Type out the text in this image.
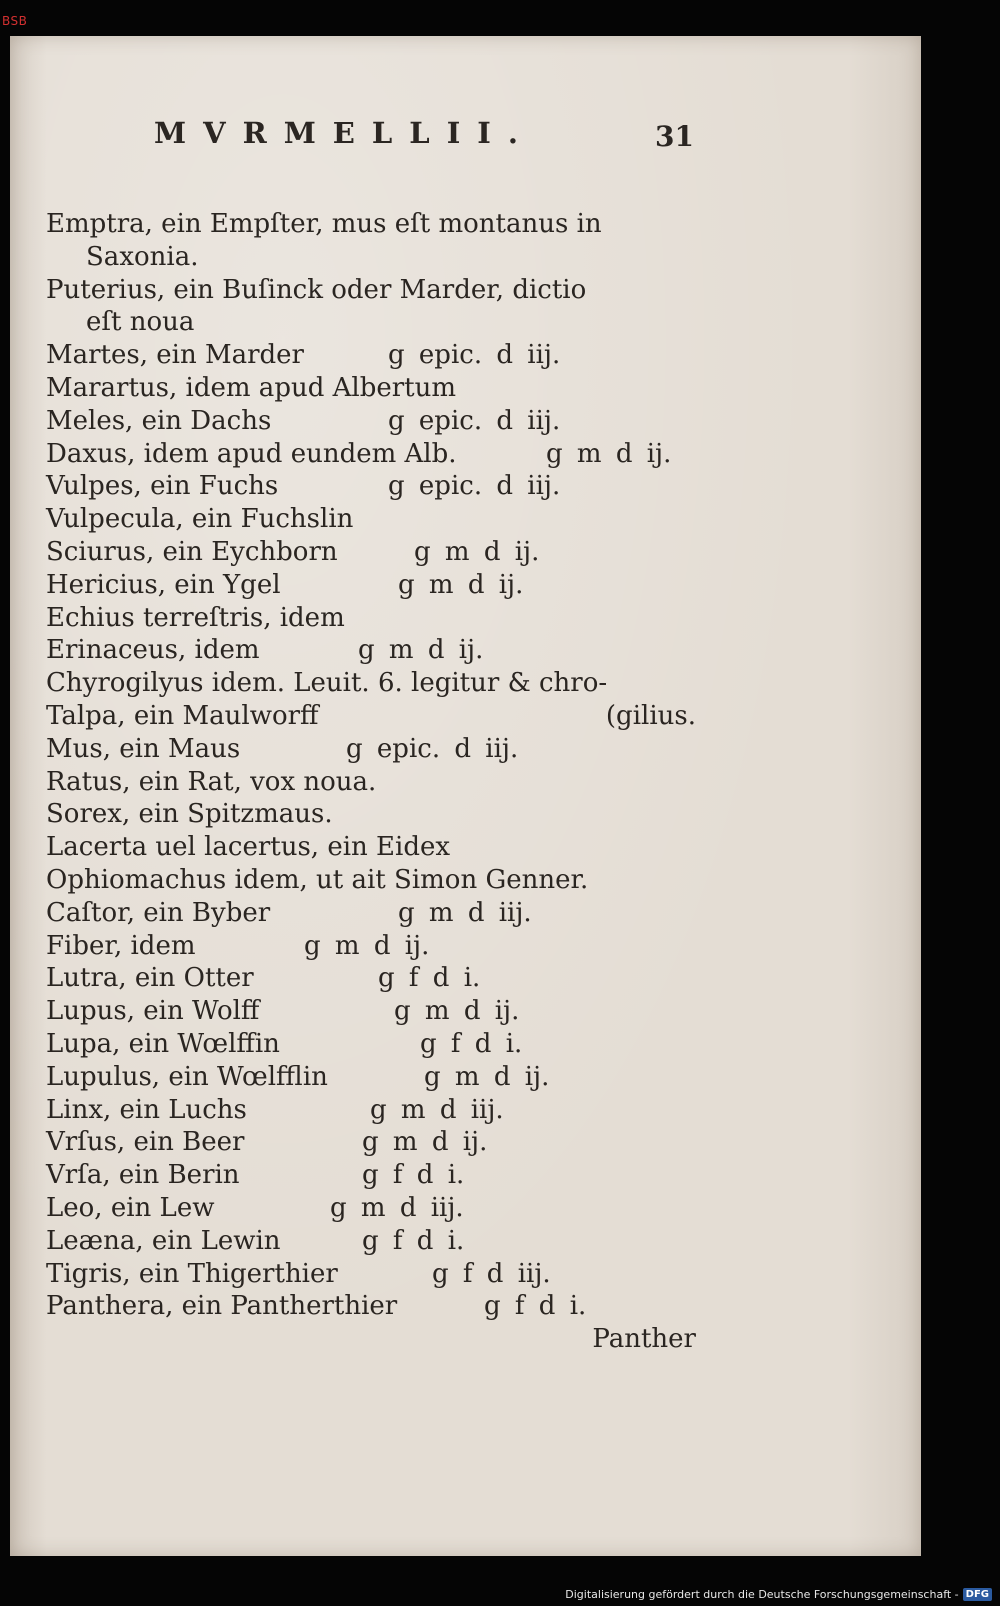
BSB
MVRMELLII.	31
Emptra, ein Empſter, mus eſt montanus in
Saxonia.
Puterius, ein Buſinck oder Marder, dictio
eſt noua
Martes, ein Marder	g epic. d iij.
Marartus, idem apud Albertum
Meles, ein Dachs	g epic. d iij.
Daxus, idem apud eundem Alb.	g m d ij.
Vulpes, ein Fuchs	g epic. d iij.
Vulpecula, ein Fuchslin
Sciurus, ein Eychborn	g m d ij.
Hericius, ein Ygel	g m d ij.
Echius terreſtris, idem
Erinaceus, idem	g m d ij.
Chyrogilyus idem. Leuit. 6. legitur & chro-
Talpa, ein Maulworff	(gilius.
Mus, ein Maus	g epic. d iij.
Ratus, ein Rat, vox noua.
Sorex, ein Spitzmaus.
Lacerta uel lacertus, ein Eidex
Ophiomachus idem, ut ait Simon Genner.
Caſtor, ein Byber	g m d iij.
Fiber, idem	g m d ij.
Lutra, ein Otter	g f d i.
Lupus, ein Wolff	g m d ij.
Lupa, ein Wœlffin	g f d i.
Lupulus, ein Wœlfflin	g m d ij.
Linx, ein Luchs	g m d iij.
Vrſus, ein Beer	g m d ij.
Vrſa, ein Berin	g f d i.
Leo, ein Lew	g m d iij.
Leæna, ein Lewin	g f d i.
Tigris, ein Thigerthier	g f d iij.
Panthera, ein Pantherthier	g f d i.
Panther
Digitalisierung gefördert durch die Deutsche Forschungsgemeinschaft - DFG
